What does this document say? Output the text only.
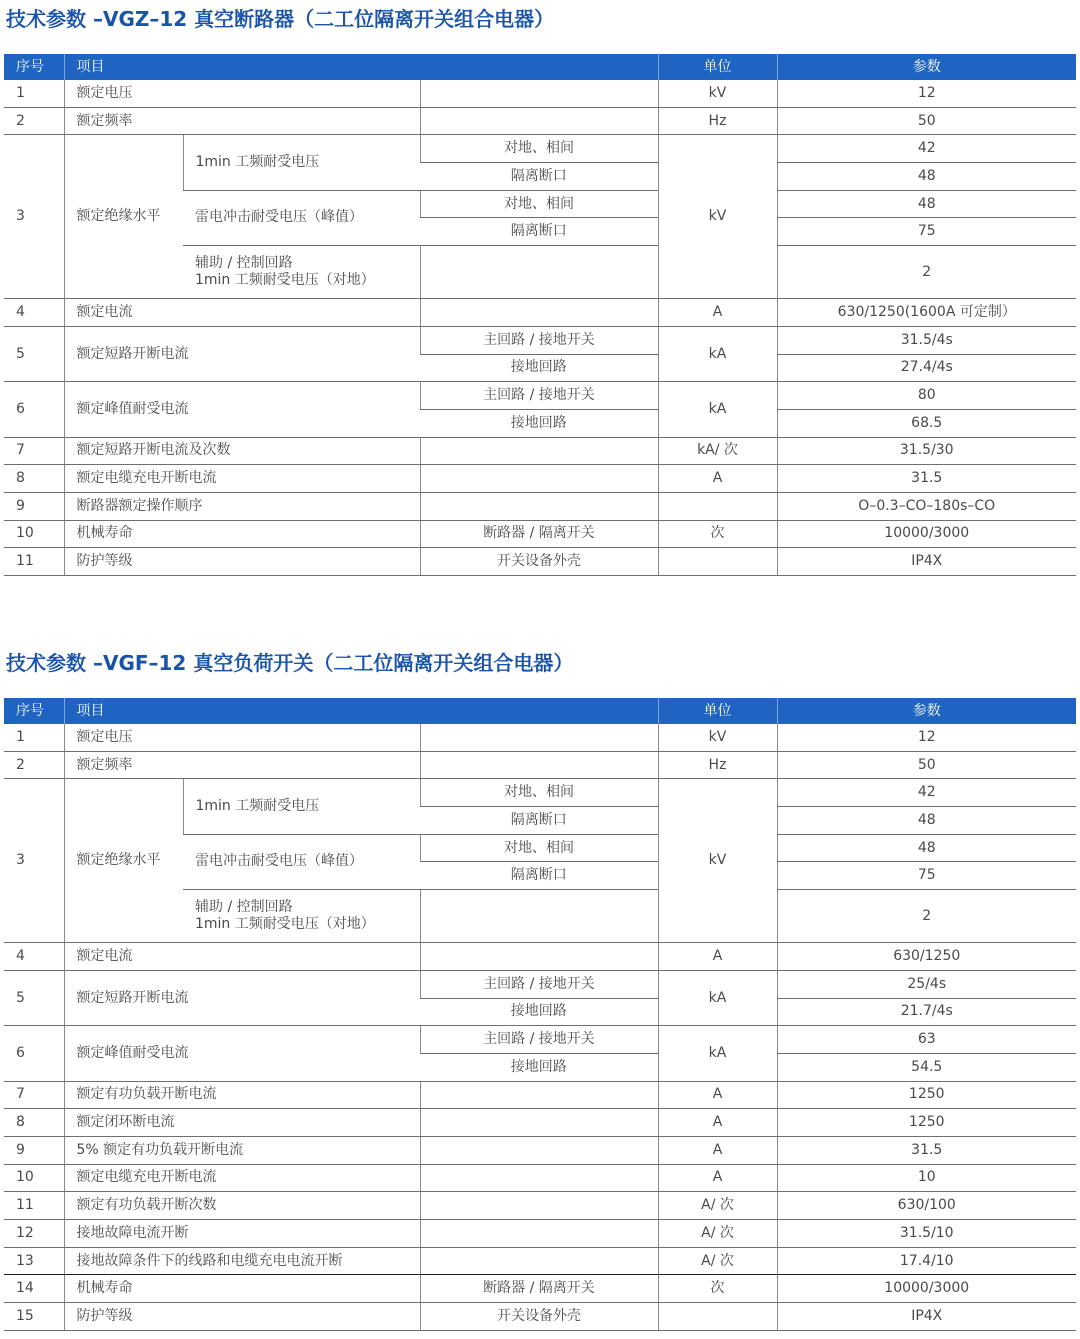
技术参数 –VGZ–12 真空断路器（二工位隔离开关组合电器）
序号	项目			单位	参数
1	额定电压			kV	12
2	额定频率			Hz	50
3	额定绝缘水平	1min 工频耐受电压	对地、相间	kV	42
			隔离断口		48
		雷电冲击耐受电压（峰值）	对地、相间		48
			隔离断口		75

		辅助 / 控制回路
1min 工频耐受电压（对地）			2
4	额定电流			A	630/1250(1600A 可定制）
5	额定短路开断电流		主回路 / 接地开关	kA	31.5/4s
			接地回路		27.4/4s
6	额定峰值耐受电流		主回路 / 接地开关	kA	80
			接地回路		68.5
7	额定短路开断电流及次数			kA/ 次	31.5/30
8	额定电缆充电开断电流			A	31.5
9	断路器额定操作顺序				O–0.3–CO–180s–CO
10	机械寿命		断路器 / 隔离开关	次	10000/3000
11	防护等级		开关设备外壳		IP4X
技术参数 –VGF–12 真空负荷开关（二工位隔离开关组合电器）
序号	项目			单位	参数
1	额定电压			kV	12
2	额定频率			Hz	50
3	额定绝缘水平	1min 工频耐受电压	对地、相间	kV	42
			隔离断口		48
		雷电冲击耐受电压（峰值）	对地、相间		48
			隔离断口		75

		辅助 / 控制回路
1min 工频耐受电压（对地）			2
4	额定电流			A	630/1250
5	额定短路开断电流		主回路 / 接地开关	kA	25/4s
			接地回路		21.7/4s
6	额定峰值耐受电流		主回路 / 接地开关	kA	63
			接地回路		54.5
7	额定有功负载开断电流			A	1250
8	额定闭环断电流			A	1250
9	5% 额定有功负载开断电流			A	31.5
10	额定电缆充电开断电流			A	10
11	额定有功负载开断次数			A/ 次	630/100
12	接地故障电流开断			A/ 次	31.5/10
13	接地故障条件下的线路和电缆充电电流开断			A/ 次	17.4/10
14	机械寿命		断路器 / 隔离开关	次	10000/3000
15	防护等级		开关设备外壳		IP4X
